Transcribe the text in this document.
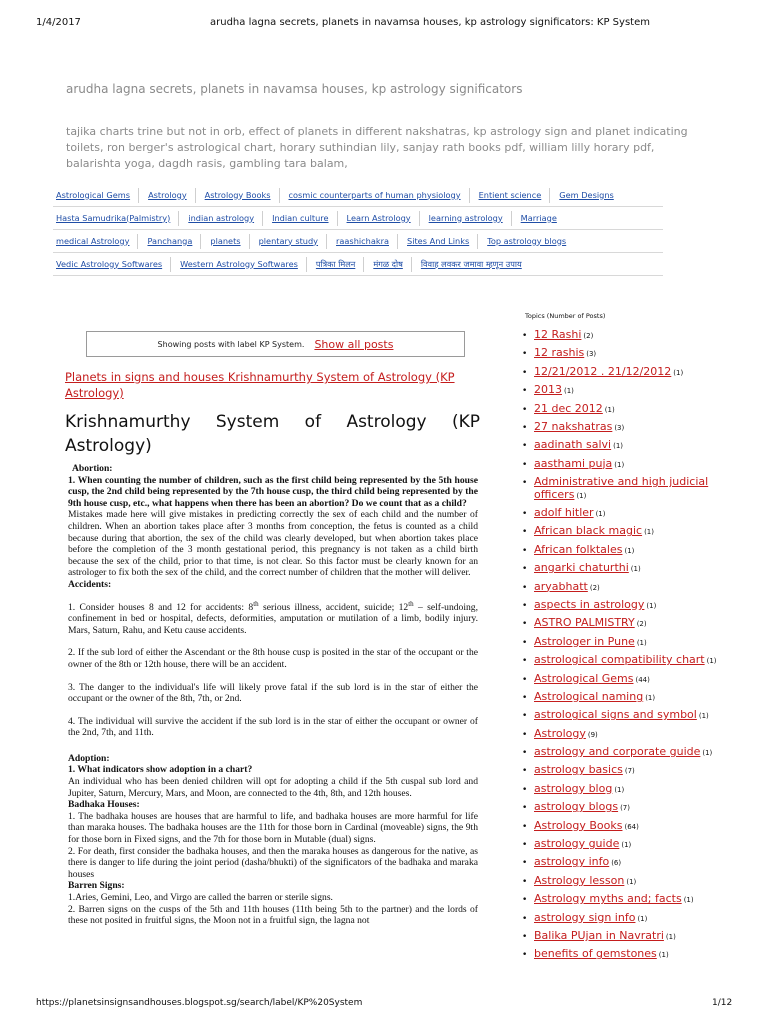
1/4/2017	arudha lagna secrets, planets in navamsa houses, kp astrology significators: KP System
arudha lagna secrets, planets in navamsa houses, kp astrology significators
tajika charts trine but not in orb, effect of planets in different nakshatras, kp astrology sign and planet indicating toilets, ron berger's astrological chart, horary suthindian lily, sanjay rath books pdf, william lilly horary pdf, balarishta yoga, dagdh rasis, gambling tara balam,
Astrological Gems	Astrology	Astrology Books	cosmic counterparts of human physiology	Entient science	Gem Designs
Hasta Samudrika(Palmistry)	indian astrology	Indian culture	Learn Astrology	learning astrology	Marriage
medical Astrology	Panchanga	planets	plentary study	raashichakra	Sites And Links	Top astrology blogs
Vedic Astrology Softwares	Western Astrology Softwares	पत्रिका मिलन	मंगळ दोष	विवाह लवकर जमावा म्हणून उपाय
Showing posts with label KP System. Show all posts
Planets in signs and houses Krishnamurthy System of Astrology (KP Astrology)
Krishnamurthy System of Astrology (KP Astrology)
Abortion:
1. When counting the number of children, such as the first child being represented by the 5th house cusp, the 2nd child being represented by the 7th house cusp, the third child being represented by the 9th house cusp, etc., what happens when there has been an abortion? Do we count that as a child?
Mistakes made here will give mistakes in predicting correctly the sex of each child and the number of children. When an abortion takes place after 3 months from conception, the fetus is counted as a child because during that abortion, the sex of the child was clearly developed, but when abortion takes place before the completion of the 3 month gestational period, this pregnancy is not taken as a child birth because the sex of the child, prior to that time, is not clear. So this factor must be clearly known for an astrologer to fix both the sex of the child, and the correct number of children that the mother will deliver.
Accidents:
1. Consider houses 8 and 12 for accidents: 8th serious illness, accident, suicide; 12th – self-undoing, confinement in bed or hospital, defects, deformities, amputation or mutilation of a limb, bodily injury. Mars, Saturn, Rahu, and Ketu cause accidents.
2. If the sub lord of either the Ascendant or the 8th house cusp is posited in the star of the occupant or the owner of the 8th or 12th house, there will be an accident.
3. The danger to the individual's life will likely prove fatal if the sub lord is in the star of either the occupant or the owner of the 8th, 7th, or 2nd.
4. The individual will survive the accident if the sub lord is in the star of either the occupant or owner of the 2nd, 7th, and 11th.
Adoption:
1. What indicators show adoption in a chart?
An individual who has been denied children will opt for adopting a child if the 5th cuspal sub lord and Jupiter, Saturn, Mercury, Mars, and Moon, are connected to the 4th, 8th, and 12th houses.
Badhaka Houses:
1. The badhaka houses are houses that are harmful to life, and badhaka houses are more harmful for life than maraka houses. The badhaka houses are the 11th for those born in Cardinal (moveable) signs, the 9th for those born in Fixed signs, and the 7th for those born in Mutable (dual) signs.
2. For death, first consider the badhaka houses, and then the maraka houses as dangerous for the native, as there is danger to life during the joint period (dasha/bhukti) of the significators of the badhaka and maraka houses
Barren Signs:
1.Aries, Gemini, Leo, and Virgo are called the barren or sterile signs.
2. Barren signs on the cusps of the 5th and 11th houses (11th being 5th to the partner) and the lords of these not posited in fruitful signs, the Moon not in a fruitful sign, the lagna not
Topics (Number of Posts)
• 12 Rashi (2)
• 12 rashis (3)
• 12/21/2012 . 21/12/2012 (1)
• 2013 (1)
• 21 dec 2012 (1)
• 27 nakshatras (3)
• aadinath salvi (1)
• aasthami puja (1)
• Administrative and high judicial officers (1)
• adolf hitler (1)
• African black magic (1)
• African folktales (1)
• angarki chaturthi (1)
• aryabhatt (2)
• aspects in astrology (1)
• ASTRO PALMISTRY (2)
• Astrologer in Pune (1)
• astrological compatibility chart (1)
• Astrological Gems (44)
• Astrological naming (1)
• astrological signs and symbol (1)
• Astrology (9)
• astrology and corporate guide (1)
• astrology basics (7)
• astrology blog (1)
• astrology blogs (7)
• Astrology Books (64)
• astrology guide (1)
• astrology info (6)
• Astrology lesson (1)
• Astrology myths and; facts (1)
• astrology sign info (1)
• Balika PUjan in Navratri (1)
• benefits of gemstones (1)
https://planetsinsignsandhouses.blogspot.sg/search/label/KP%20System	1/12
